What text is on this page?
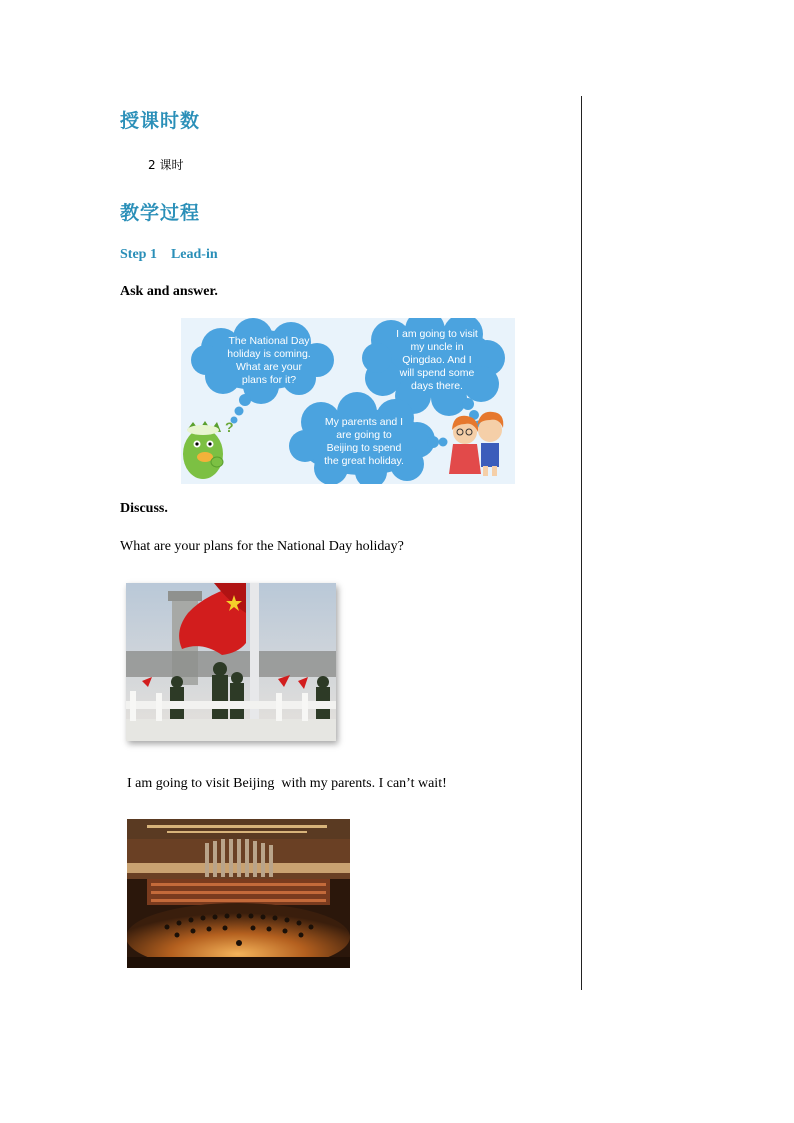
授课时数
2 课时
教学过程
Step 1 Lead-in
Ask and answer.
The National Day
holiday is coming.
What are your
plans for it?
I am going to visit
my uncle in
Qingdao. And I
will spend some
days there.
My parents and I
are going to
Beijing to spend
the great holiday.
?
Discuss.
What are your plans for the National Day holiday?
I am going to visit Beijing  with my parents. I can’t wait!
